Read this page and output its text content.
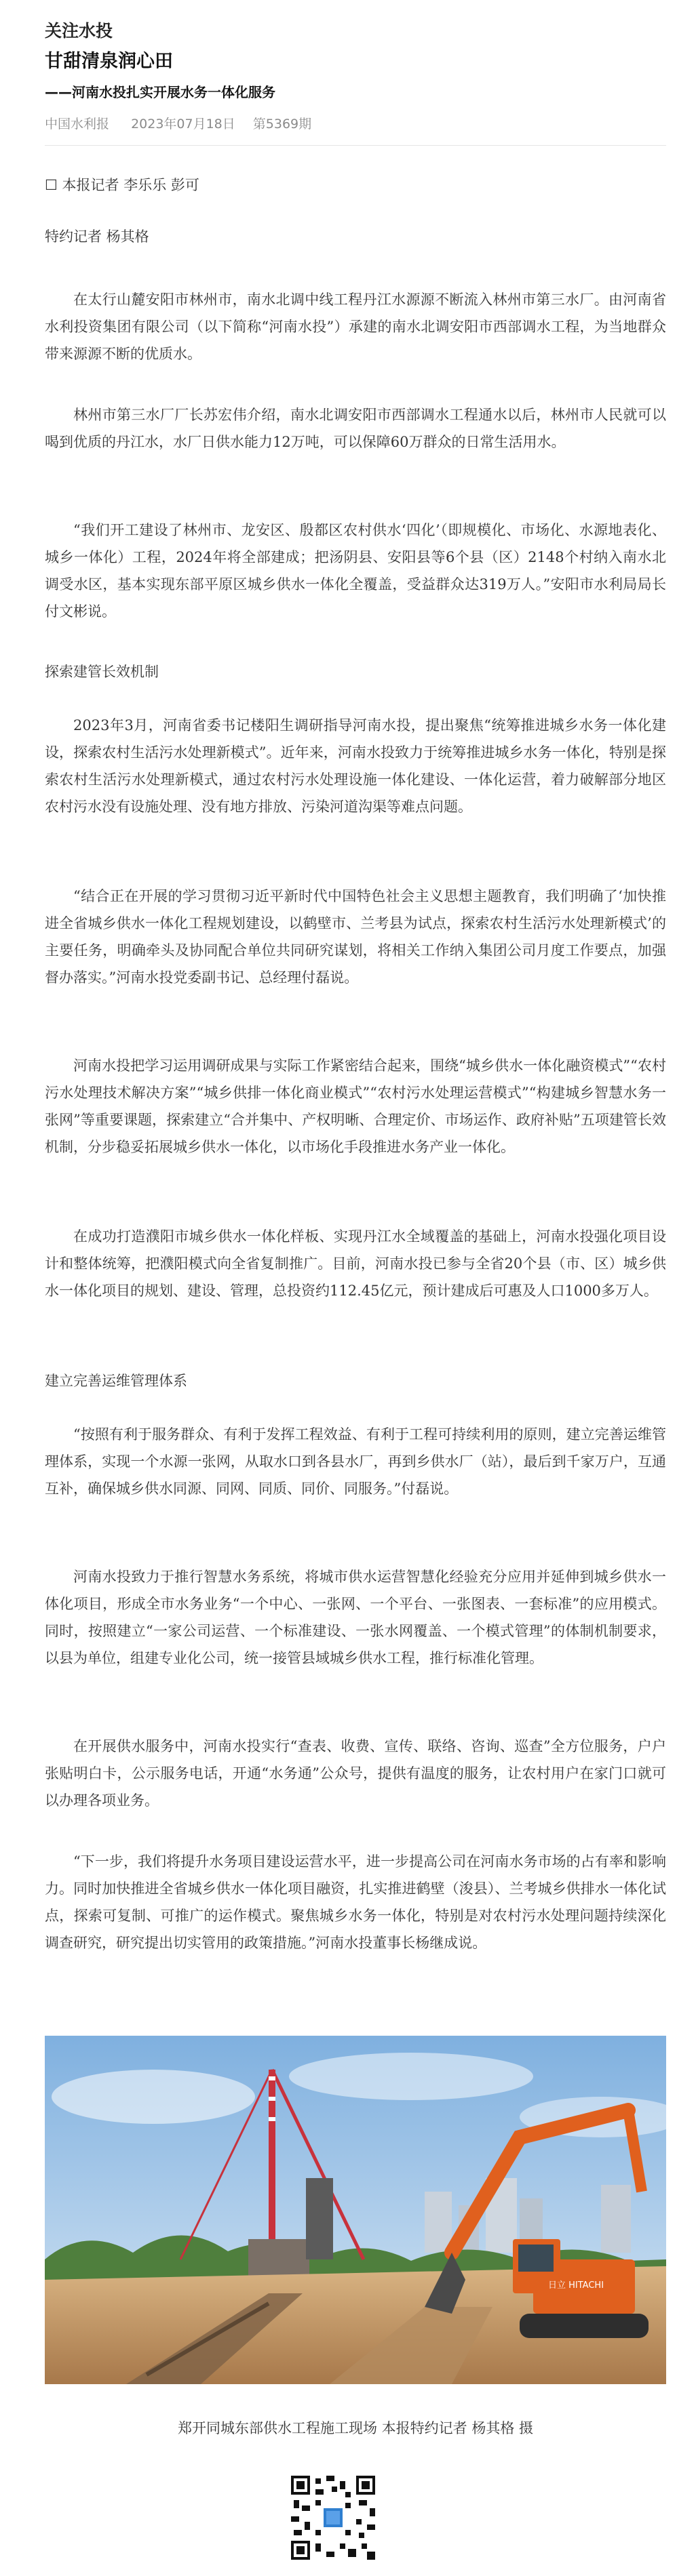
关注水投
甘甜清泉润心田
——河南水投扎实开展水务一体化服务
中国水利报 2023年07月18日 第5369期
☐ 本报记者 李乐乐 彭可
特约记者 杨其格

在太行山麓安阳市林州市，南水北调中线工程丹江水源源不断流入林州市第三水厂。由河南省水利投资集团有限公司（以下简称“河南水投”）承建的南水北调安阳市西部调水工程，为当地群众带来源源不断的优质水。

林州市第三水厂厂长苏宏伟介绍，南水北调安阳市西部调水工程通水以后，林州市人民就可以喝到优质的丹江水，水厂日供水能力12万吨，可以保障60万群众的日常生活用水。

“我们开工建设了林州市、龙安区、殷都区农村供水‘四化’（即规模化、市场化、水源地表化、城乡一体化）工程，2024年将全部建成；把汤阴县、安阳县等6个县（区）2148个村纳入南水北调受水区，基本实现东部平原区城乡供水一体化全覆盖，受益群众达319万人。”安阳市水利局局长付文彬说。

探索建管长效机制

2023年3月，河南省委书记楼阳生调研指导河南水投，提出聚焦“统筹推进城乡水务一体化建设，探索农村生活污水处理新模式”。近年来，河南水投致力于统筹推进城乡水务一体化，特别是探索农村生活污水处理新模式，通过农村污水处理设施一体化建设、一体化运营，着力破解部分地区农村污水没有设施处理、没有地方排放、污染河道沟渠等难点问题。

“结合正在开展的学习贯彻习近平新时代中国特色社会主义思想主题教育，我们明确了‘加快推进全省城乡供水一体化工程规划建设，以鹤壁市、兰考县为试点，探索农村生活污水处理新模式’的主要任务，明确牵头及协同配合单位共同研究谋划，将相关工作纳入集团公司月度工作要点，加强督办落实。”河南水投党委副书记、总经理付磊说。

河南水投把学习运用调研成果与实际工作紧密结合起来，围绕“城乡供水一体化融资模式”“农村污水处理技术解决方案”“城乡供排一体化商业模式”“农村污水处理运营模式”“构建城乡智慧水务一张网”等重要课题，探索建立“合并集中、产权明晰、合理定价、市场运作、政府补贴”五项建管长效机制，分步稳妥拓展城乡供水一体化，以市场化手段推进水务产业一体化。

在成功打造濮阳市城乡供水一体化样板、实现丹江水全域覆盖的基础上，河南水投强化项目设计和整体统筹，把濮阳模式向全省复制推广。目前，河南水投已参与全省20个县（市、区）城乡供水一体化项目的规划、建设、管理，总投资约112.45亿元，预计建成后可惠及人口1000多万人。

建立完善运维管理体系

“按照有利于服务群众、有利于发挥工程效益、有利于工程可持续利用的原则，建立完善运维管理体系，实现一个水源一张网，从取水口到各县水厂，再到乡供水厂（站），最后到千家万户，互通互补，确保城乡供水同源、同网、同质、同价、同服务。”付磊说。

河南水投致力于推行智慧水务系统，将城市供水运营智慧化经验充分应用并延伸到城乡供水一体化项目，形成全市水务业务“一个中心、一张网、一个平台、一张图表、一套标准”的应用模式。同时，按照建立“一家公司运营、一个标准建设、一张水网覆盖、一个模式管理”的体制机制要求，以县为单位，组建专业化公司，统一接管县域城乡供水工程，推行标准化管理。

在开展供水服务中，河南水投实行“查表、收费、宣传、联络、咨询、巡查”全方位服务，户户张贴明白卡，公示服务电话，开通“水务通”公众号，提供有温度的服务，让农村用户在家门口就可以办理各项业务。

“下一步，我们将提升水务项目建设运营水平，进一步提高公司在河南水务市场的占有率和影响力。同时加快推进全省城乡供水一体化项目融资，扎实推进鹤壁（浚县）、兰考城乡供排水一体化试点，探索可复制、可推广的运作模式。聚焦城乡水务一体化，特别是对农村污水处理问题持续深化调查研究，研究提出切实管用的政策措施。”河南水投董事长杨继成说。

日立 HITACHI
郑开同城东部供水工程施工现场 本报特约记者 杨其格 摄
